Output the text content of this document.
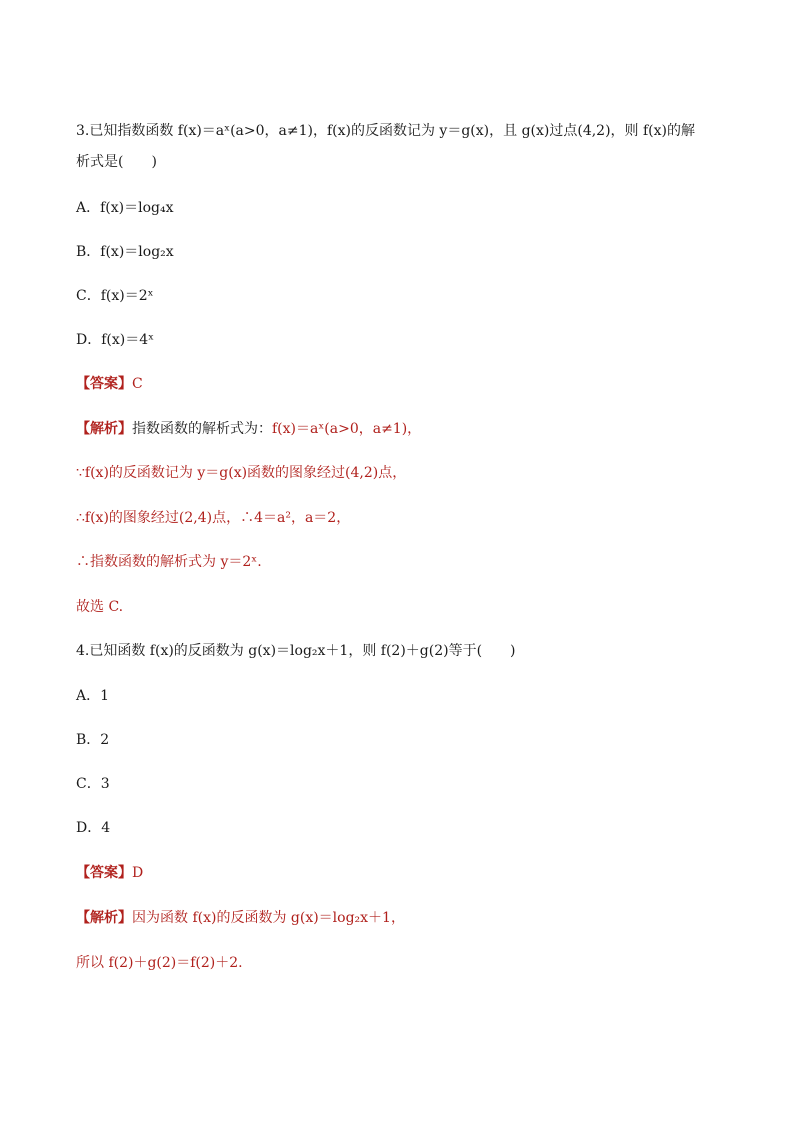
3.已知指数函数 f(x)＝aˣ(a>0，a≠1)，f(x)的反函数记为 y＝g(x)，且 g(x)过点(4,2)，则 f(x)的解
析式是(　　)
A．f(x)＝log₄x
B．f(x)＝log₂x
C．f(x)＝2ˣ
D．f(x)＝4ˣ
【答案】C
【解析】指数函数的解析式为：f(x)＝aˣ(a>0，a≠1)，
∵f(x)的反函数记为 y＝g(x)函数的图象经过(4,2)点，
∴f(x)的图象经过(2,4)点，∴4＝a²，a＝2，
∴指数函数的解析式为 y＝2ˣ.
故选 C.
4.已知函数 f(x)的反函数为 g(x)＝log₂x＋1，则 f(2)＋g(2)等于(　　)
A．1
B．2
C．3
D．4
【答案】D
【解析】因为函数 f(x)的反函数为 g(x)＝log₂x＋1，
所以 f(2)＋g(2)＝f(2)＋2.
